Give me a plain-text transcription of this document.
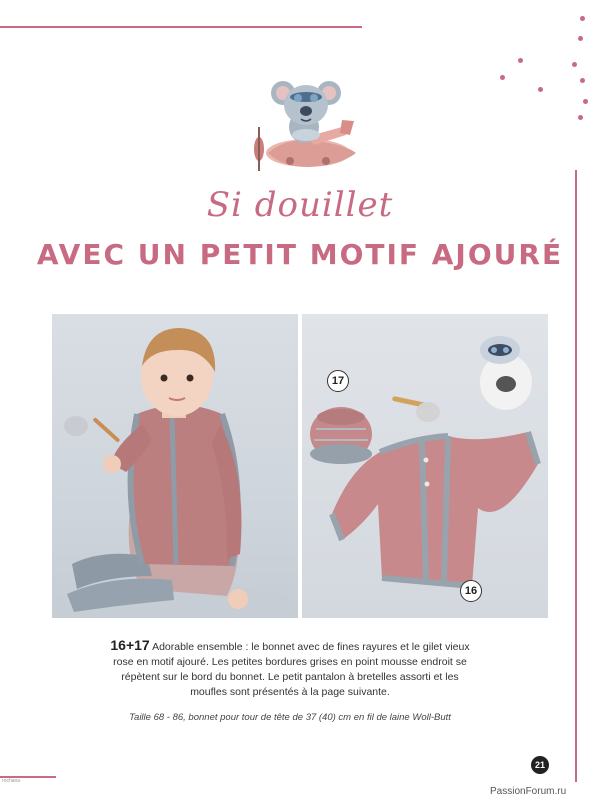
Si douillet
AVEC UN PETIT MOTIF AJOURÉ
17
16
16+17 Adorable ensemble : le bonnet avec de fines rayures et le gilet vieux rose en motif ajouré. Les petites bordures grises en point mousse endroit se répètent sur le bord du bonnet. Le petit pantalon à bretelles assorti et les moufles sont présentés à la page suivante.
Taille 68 - 86, bonnet pour tour de tête de 37 (40) cm en fil de laine Woll-Butt
21
PassionForum.ru
rochana
